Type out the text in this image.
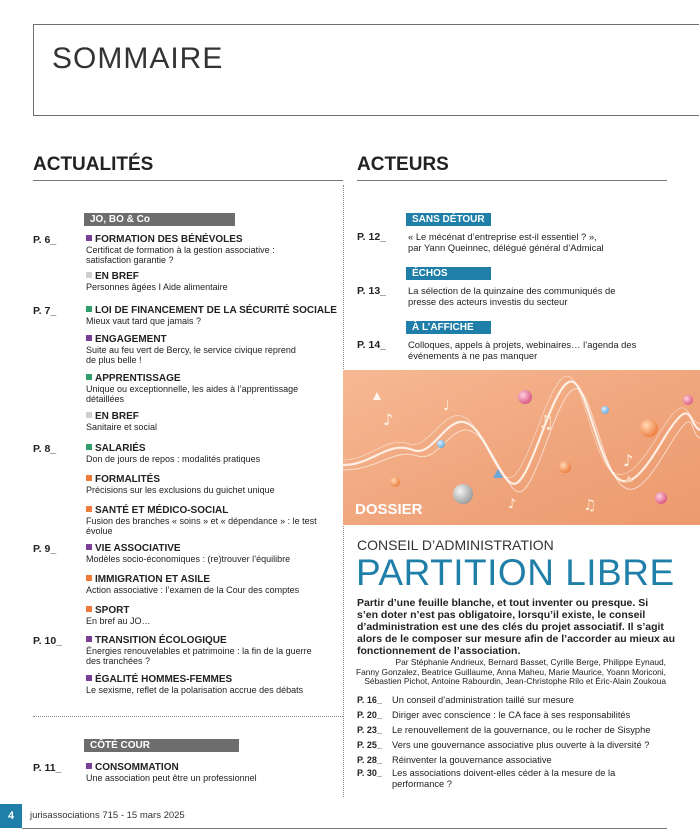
SOMMAIRE
ACTUALITÉS
JO, BO & Co
P. 6_
P. 7_
P. 8_
P. 9_
P. 10_
P. 11_
FORMATION DES BÉNÉVOLES
Certificat de formation à la gestion associative :
satisfaction garantie ?
EN BREF
Personnes âgées I Aide alimentaire
LOI DE FINANCEMENT DE LA SÉCURITÉ SOCIALE
Mieux vaut tard que jamais ?
ENGAGEMENT
Suite au feu vert de Bercy, le service civique reprend
de plus belle !
APPRENTISSAGE
Unique ou exceptionnelle, les aides à l’apprentissage
détaillées
EN BREF
Sanitaire et social
SALARIÉS
Don de jours de repos : modalités pratiques
FORMALITÉS
Précisions sur les exclusions du guichet unique
SANTÉ ET MÉDICO-SOCIAL
Fusion des branches « soins » et « dépendance » : le test
évolue
VIE ASSOCIATIVE
Modèles socio-économiques : (re)trouver l’équilibre
IMMIGRATION ET ASILE
Action associative : l’examen de la Cour des comptes
SPORT
En bref au JO…
TRANSITION ÉCOLOGIQUE
Énergies renouvelables et patrimoine : la fin de la guerre
des tranchées ?
ÉGALITÉ HOMMES-FEMMES
Le sexisme, reflet de la polarisation accrue des débats
CÔTÉ COUR
CONSOMMATION
Une association peut être un professionnel
ACTEURS
SANS DÉTOUR
P. 12_ « Le mécénat d’entreprise est-il essentiel ? »,
par Yann Queinnec, délégué général d’Admical
ÉCHOS
P. 13_ La sélection de la quinzaine des communiqués de
presse des acteurs investis du secteur
À L’AFFICHE
P. 14_ Colloques, appels à projets, webinaires… l’agenda des
événements à ne pas manquer
♪	♫
♪
♩
♫
♪
DOSSIER
CONSEIL D’ADMINISTRATION
PARTITION LIBRE
Partir d’une feuille blanche, et tout inventer ou presque. Si
s’en doter n’est pas obligatoire, lorsqu’il existe, le conseil
d’administration est une des clés du projet associatif. Il s’agit
alors de le composer sur mesure afin de l’accorder au mieux au
fonctionnement de l’association.
Par Stéphanie Andrieux, Bernard Basset, Cyrille Berge, Philippe Eynaud,
Fanny Gonzalez, Beatrice Guillaume, Anna Maheu, Marie Maurice, Yoann Moriconi,
Sébastien Pichot, Antoine Rabourdin, Jean-Christophe Rilo et Éric-Alain Zoukoua
P. 16_ Un conseil d’administration taillé sur mesure
P. 20_ Diriger avec conscience : le CA face à ses responsabilités
P. 23_ Le renouvellement de la gouvernance, ou le rocher de Sisyphe
P. 25_ Vers une gouvernance associative plus ouverte à la diversité ?
P. 28_ Réinventer la gouvernance associative
P. 30_ Les associations doivent-elles céder à la mesure de la
performance ?
4	jurisassociations 715 - 15 mars 2025
